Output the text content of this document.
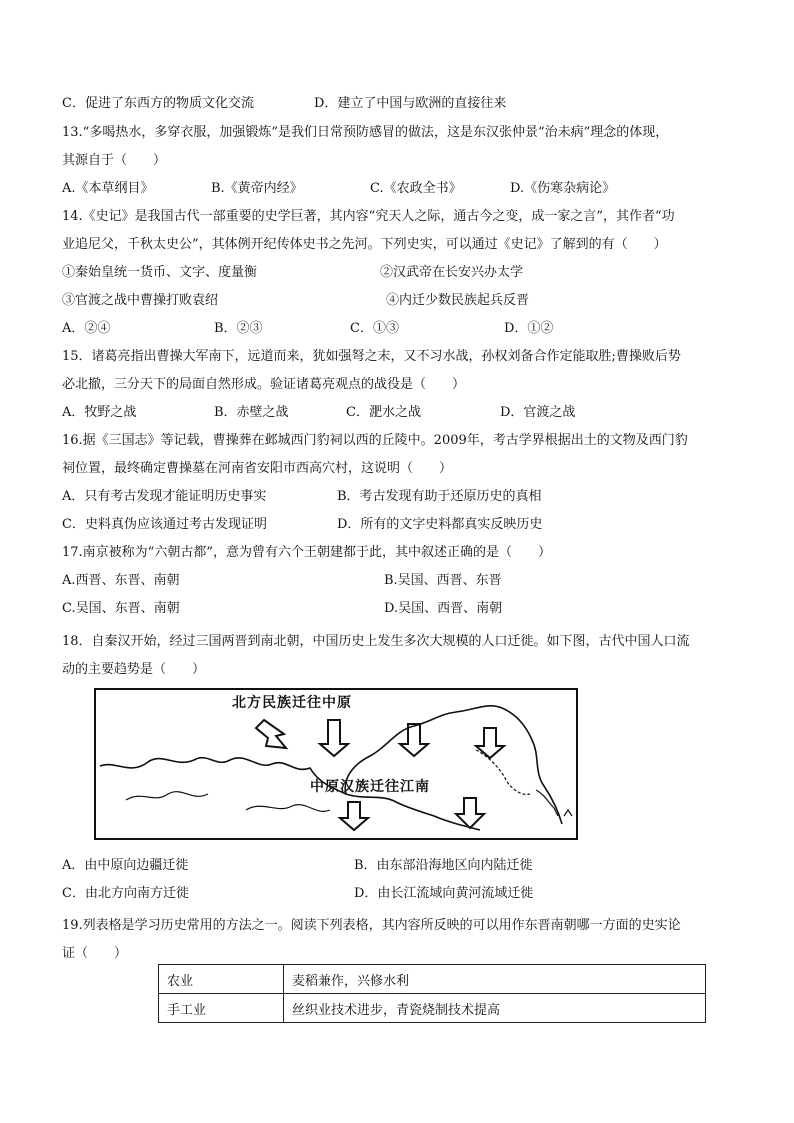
C．促进了东西方的物质文化交流	D．建立了中国与欧洲的直接往来
13.“多喝热水，多穿衣服，加强锻炼”是我们日常预防感冒的做法，这是东汉张仲景“治未病”理念的体现，
其源自于（　　）
A.《本草纲目》	B.《黄帝内经》	C.《农政全书》	D.《伤寒杂病论》
14.《史记》是我国古代一部重要的史学巨著，其内容“究天人之际，通古今之变，成一家之言”，其作者“功
业追尼父，千秋太史公”，其体例开纪传体史书之先河。下列史实，可以通过《史记》了解到的有（　　）
①秦始皇统一货币、文字、度量衡	②汉武帝在长安兴办太学
③官渡之战中曹操打败袁绍	④内迁少数民族起兵反晋
A．②④	B．②③	C．①③	D．①②
15．诸葛亮指出曹操大军南下，远道而来，犹如强弩之末，又不习水战，孙权刘备合作定能取胜;曹操败后势
必北撤，三分天下的局面自然形成。验证诸葛亮观点的战役是（　　）
A．牧野之战	B．赤壁之战	C．淝水之战	D．官渡之战
16.据《三国志》等记载，曹操葬在邺城西门豹祠以西的丘陵中。2009年，考古学界根据出土的文物及西门豹
祠位置，最终确定曹操墓在河南省安阳市西高穴村，这说明（　　）
A．只有考古发现才能证明历史事实	B．考古发现有助于还原历史的真相
C．史料真伪应该通过考古发现证明	D．所有的文字史料都真实反映历史
17.南京被称为“六朝古都”，意为曾有六个王朝建都于此，其中叙述正确的是（　　）
A.西晋、东晋、南朝	B.吴国、西晋、东晋
C.吴国、东晋、南朝	D.吴国、西晋、南朝
18．自秦汉开始，经过三国两晋到南北朝，中国历史上发生多次大规模的人口迁徙。如下图，古代中国人口流
动的主要趋势是（　　）
北方民族迁往中原
中原汉族迁往江南
A．由中原向边疆迁徙	B．由东部沿海地区向内陆迁徙
C．由北方向南方迁徙	D．由长江流域向黄河流域迁徙
19.列表格是学习历史常用的方法之一。阅读下列表格，其内容所反映的可以用作东晋南朝哪一方面的史实论
证（　　）
农业	麦稻兼作，兴修水利
手工业	丝织业技术进步，青瓷烧制技术提高
